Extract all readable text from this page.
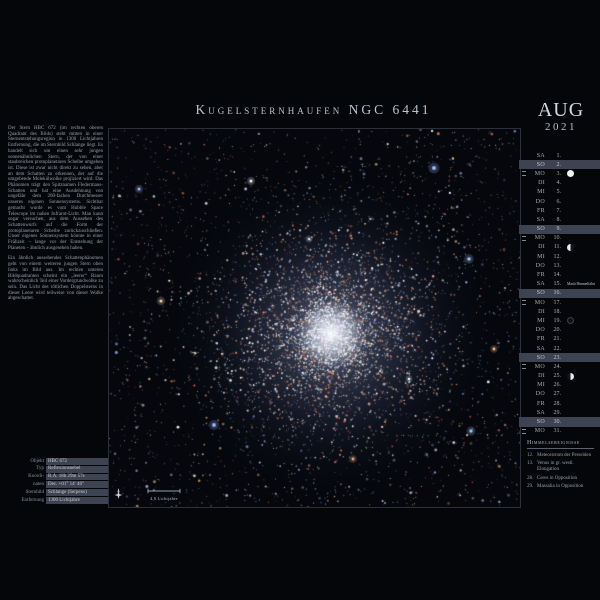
Kugelsternhaufen NGC 6441	AUG
2021

Der Stern HBC 672 (im rechten oberen Quadrant des Bilds) steht mitten in einer Sternentstehungsregion in 1300 Lichtjahren Entfernung, die im Sternbild Schlange liegt. Es handelt sich um einen sehr jungen sonnenähnlichen Stern, der von einer staubreichen protoplanetaren Scheibe umgeben ist. Diese ist zwar nicht direkt zu sehen, aber an dem Schatten zu erkennen, der auf die umgebende Molekülwolke projiziert wird. Das Phänomen trägt den Spitznamen Fledermaus-Schatten und hat eine Ausdehnung von ungefähr dem 200-fachen Durchmesser unseres eigenen Sonnensystems. Sichtbar gemacht wurde es vom Hubble Space Telescope im nahen Infrarot-Licht. Man kann sogar versuchen, aus dem Aussehen des Schattenwurfs auf die Form der protoplanetaren Scheibe zurückzuschließen. Unser eigenes Sonnensystem könnte in einer Frühzeit – lange vor der Entstehung der Planeten – ähnlich ausgesehen haben.

Ein ähnlich aussehendes Schattenphänomen geht von einem weiteren jungen Stern oben links im Bild aus. Im rechten unteren Bildquadranten scheint ein „leerer“ Raum wahrscheinlich Teil einer Vordergrundwolke zu sein. Das Licht des rötlichen Doppelsterns in dieser Leere wird teilweise von dieser Wolke abgeschattet.

4,5 Lichtjahre
SA	1.
SO	2.
MO	3.
DI	4.
MI	5.
DO	6.
FR	7.
SA	8.
SO	9.
MO	10.
DI	11.
MI	12.
DO	13.
FR	14.
SA	15. Mariä Himmelfahrt
SO	16.
MO	17.
DI	18.
MI	19.
DO	20.
FR	21.
SA	22.
SO	23.
MO	24.
DI	25.
MI	26.
DO	27.
FR	28.
SA	29.
SO	30.
MO	31.
Himmelsereignisse
12. Meteorstrom der Perseiden
13. Venus in gr. westl. Elongation
28. Ceres in Opposition
29. Massalia in Opposition
Objekt HBC 672
Typ Reflexionsnebel
Koordi- R.A. 18h 29m 57s
naten Dec. +01° 14′ 46″
Sternbild Schlange (Serpens)
Entfernung 1300 Lichtjahre
